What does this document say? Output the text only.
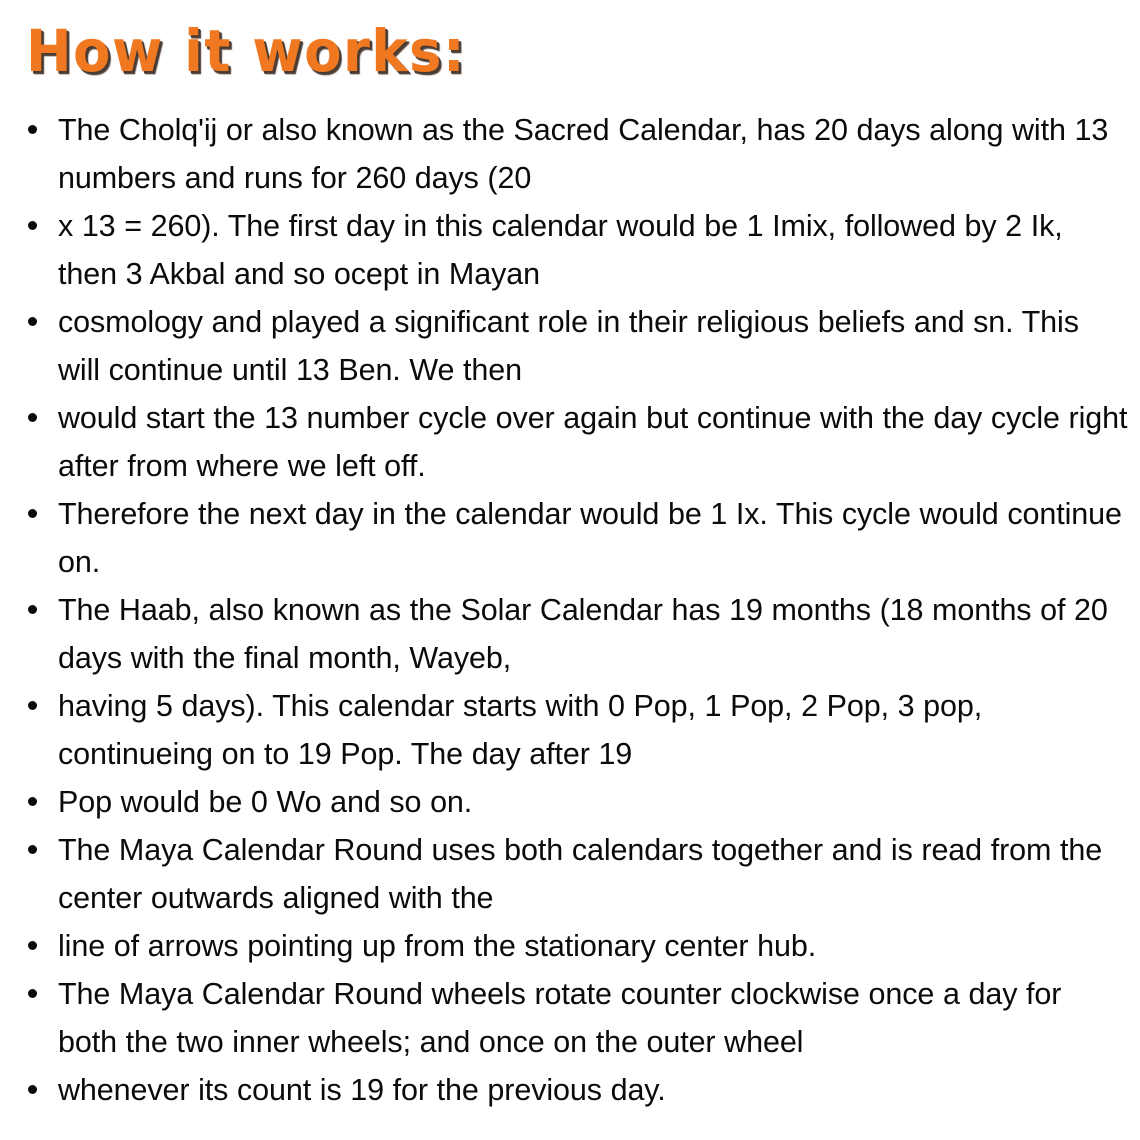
How it works:
The Cholq'ij or also known as the Sacred Calendar, has 20 days along with 13 numbers and runs for 260 days (20
x 13 = 260). The first day in this calendar would be 1 Imix, followed by 2 Ik, then 3 Akbal and so ocept in Mayan
cosmology and played a significant role in their religious beliefs and sn. This will continue until 13 Ben. We then
would start the 13 number cycle over again but continue with the day cycle right after from where we left off.
Therefore the next day in the calendar would be 1 Ix. This cycle would continue on.
The Haab, also known as the Solar Calendar has 19 months (18 months of 20 days with the final month, Wayeb,
having 5 days). This calendar starts with 0 Pop, 1 Pop, 2 Pop, 3 pop, continueing on to 19 Pop. The day after 19
Pop would be 0 Wo and so on.
The Maya Calendar Round uses both calendars together and is read from the center outwards aligned with the
line of arrows pointing up from the stationary center hub.
The Maya Calendar Round wheels rotate counter clockwise once a day for both the two inner wheels; and once on the outer wheel
whenever its count is 19 for the previous day.
